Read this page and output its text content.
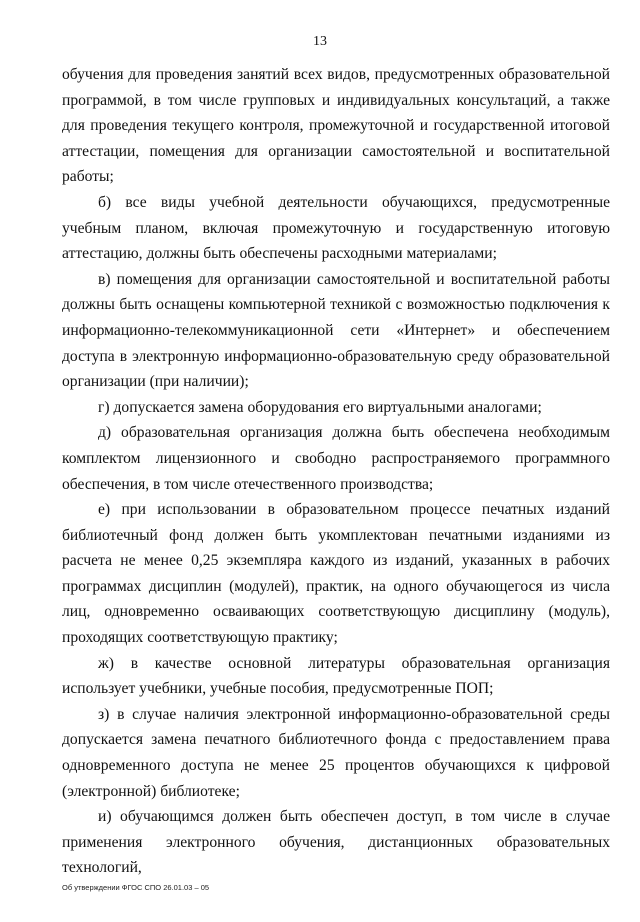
13

обучения для проведения занятий всех видов, предусмотренных образовательной программой, в том числе групповых и индивидуальных консультаций, а также для проведения текущего контроля, промежуточной и государственной итоговой аттестации, помещения для организации самостоятельной и воспитательной работы;

б) все виды учебной деятельности обучающихся, предусмотренные учебным планом, включая промежуточную и государственную итоговую аттестацию, должны быть обеспечены расходными материалами;

в) помещения для организации самостоятельной и воспитательной работы должны быть оснащены компьютерной техникой с возможностью подключения к информационно-телекоммуникационной сети «Интернет» и обеспечением доступа в электронную информационно-образовательную среду образовательной организации (при наличии);

г) допускается замена оборудования его виртуальными аналогами;

д) образовательная организация должна быть обеспечена необходимым комплектом лицензионного и свободно распространяемого программного обеспечения, в том числе отечественного производства;

е) при использовании в образовательном процессе печатных изданий библиотечный фонд должен быть укомплектован печатными изданиями из расчета не менее 0,25 экземпляра каждого из изданий, указанных в рабочих программах дисциплин (модулей), практик, на одного обучающегося из числа лиц, одновременно осваивающих соответствующую дисциплину (модуль), проходящих соответствующую практику;

ж) в качестве основной литературы образовательная организация использует учебники, учебные пособия, предусмотренные ПОП;

з) в случае наличия электронной информационно-образовательной среды допускается замена печатного библиотечного фонда с предоставлением права одновременного доступа не менее 25 процентов обучающихся к цифровой (электронной) библиотеке;

и) обучающимся должен быть обеспечен доступ, в том числе в случае применения электронного обучения, дистанционных образовательных технологий,

Об утверждении ФГОС СПО 26.01.03 – 05
